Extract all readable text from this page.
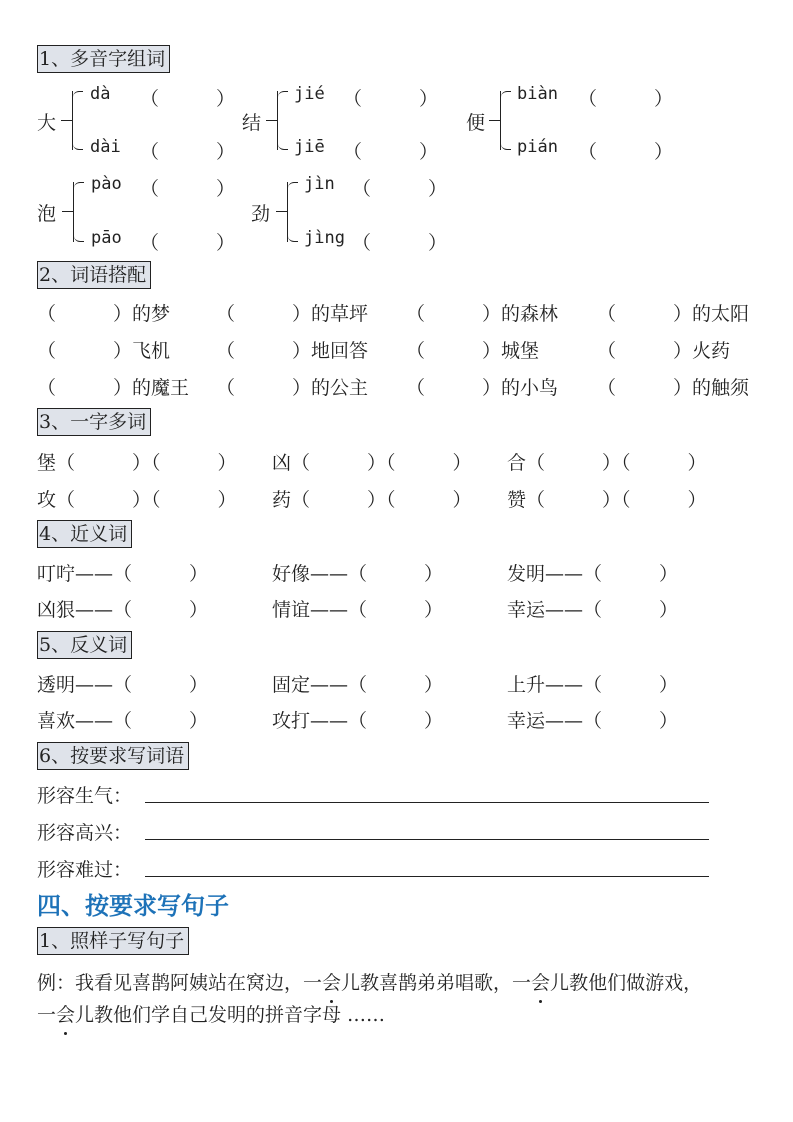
1、多音字组词
大
dà （　　　）
dài （　　　）
结
jié （　　　）
jiē （　　　）
便
biàn （　　　）
pián （　　　）
泡
pào （　　　）
pāo （　　　）
劲
jìn （　　　）
jìng （　　　）
2、词语搭配
（　　　）的梦 （　　　）的草坪 （　　　）的森林 （　　　）的太阳
（　　　）飞机 （　　　）地回答 （　　　）城堡	（　　　）火药
（　　　）的魔王 （　　　）的公主 （　　　）的小鸟 （　　　）的触须
3、一字多词
堡（　　　）（　　　） 凶（　　　）（　　　） 合（　　　）（　　　）
攻（　　　）（　　　） 药（　　　）（　　　） 赞（　　　）（　　　）
4、近义词
叮咛——（　　　）	好像——（　　　）	发明——（　　　）
凶狠——（　　　）	情谊——（　　　）	幸运——（　　　）
5、反义词
透明——（　　　）	固定——（　　　）	上升——（　　　）
喜欢——（　　　）	攻打——（　　　）	幸运——（　　　）
6、按要求写词语
形容生气：
形容高兴：
形容难过：
四、按要求写句子
1、照样子写句子
例：我看见喜鹊阿姨站在窝边，一会儿教喜鹊弟弟唱歌，一会儿教他们做游戏，一会儿教他们学自己发明的拼音字母 ……
